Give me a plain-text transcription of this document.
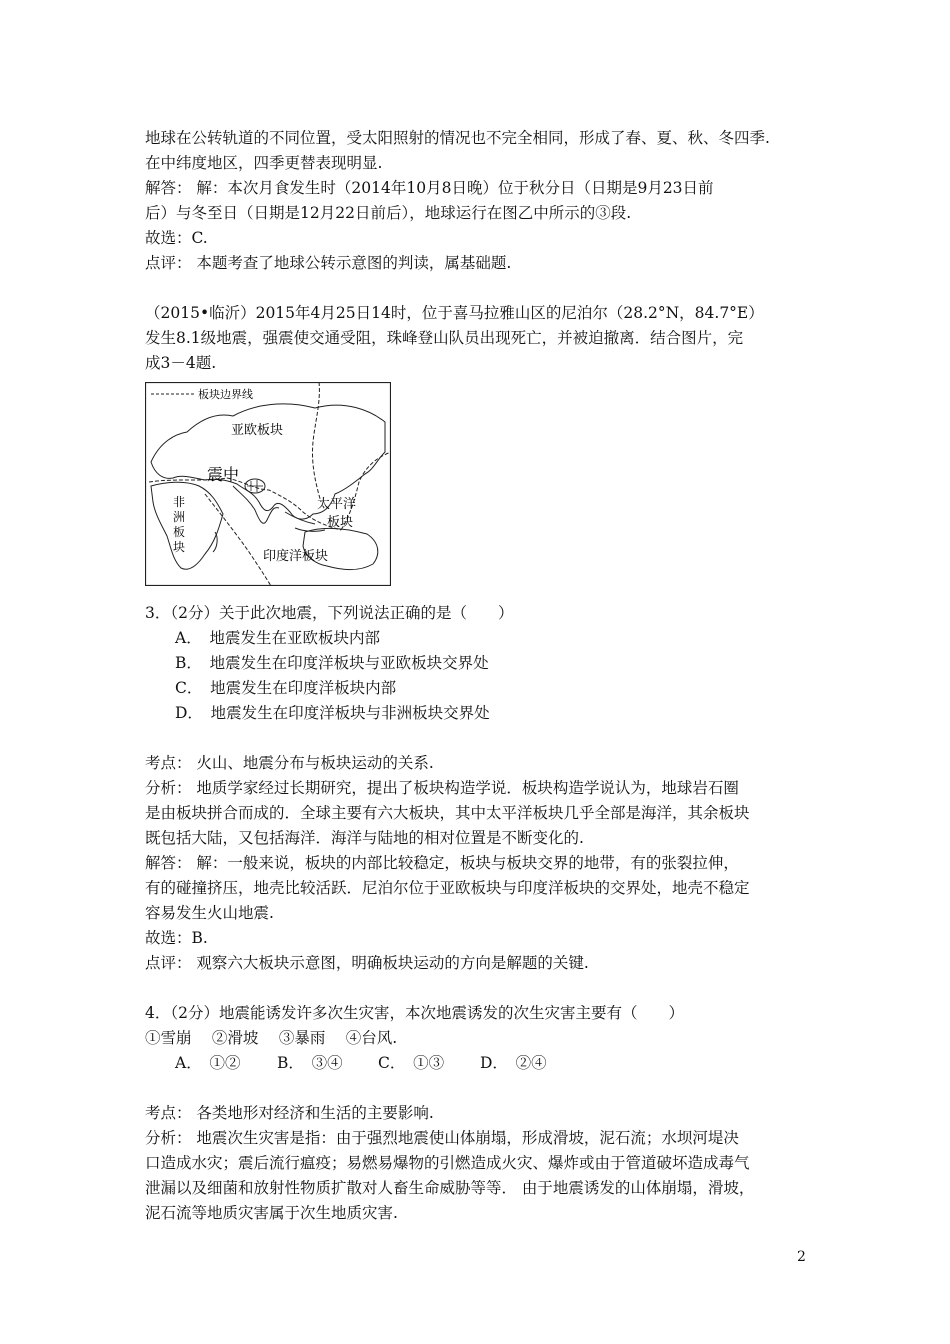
地球在公转轨道的不同位置，受太阳照射的情况也不完全相同，形成了春、夏、秋、冬四季.
在中纬度地区，四季更替表现明显.
解答： 解：本次月食发生时（2014年10月8日晚）位于秋分日（日期是9月23日前
后）与冬至日（日期是12月22日前后），地球运行在图乙中所示的③段.
故选：C.
点评： 本题考查了地球公转示意图的判读，属基础题.
（2015•临沂）2015年4月25日14时，位于喜马拉雅山区的尼泊尔（28.2°N，84.7°E）
发生8.1级地震，强震使交通受阻，珠峰登山队员出现死亡，并被迫撤离．结合图片，完
成3－4题.
板块边界线
亚欧板块
震中
太平洋
板块
非
洲
板
块
印度洋板块
3．（2分）关于此次地震，下列说法正确的是（　　）
A．　地震发生在亚欧板块内部
B．　地震发生在印度洋板块与亚欧板块交界处
C．　地震发生在印度洋板块内部
D．　地震发生在印度洋板块与非洲板块交界处
考点： 火山、地震分布与板块运动的关系.
分析： 地质学家经过长期研究，提出了板块构造学说．板块构造学说认为，地球岩石圈
是由板块拼合而成的．全球主要有六大板块，其中太平洋板块几乎全部是海洋，其余板块
既包括大陆，又包括海洋．海洋与陆地的相对位置是不断变化的.
解答： 解：一般来说，板块的内部比较稳定，板块与板块交界的地带，有的张裂拉伸，
有的碰撞挤压，地壳比较活跃．尼泊尔位于亚欧板块与印度洋板块的交界处，地壳不稳定
容易发生火山地震.
故选：B.
点评： 观察六大板块示意图，明确板块运动的方向是解题的关键.
4．（2分）地震能诱发许多次生灾害，本次地震诱发的次生灾害主要有（　　）
①雪崩　 ②滑坡　 ③暴雨　 ④台风.
A．　①② B．　③④ C．　①③ D．　②④
考点： 各类地形对经济和生活的主要影响.
分析： 地震次生灾害是指：由于强烈地震使山体崩塌，形成滑坡，泥石流；水坝河堤决
口造成水灾；震后流行瘟疫；易燃易爆物的引燃造成火灾、爆炸或由于管道破坏造成毒气
泄漏以及细菌和放射性物质扩散对人畜生命威胁等等． 由于地震诱发的山体崩塌，滑坡，
泥石流等地质灾害属于次生地质灾害.
2
